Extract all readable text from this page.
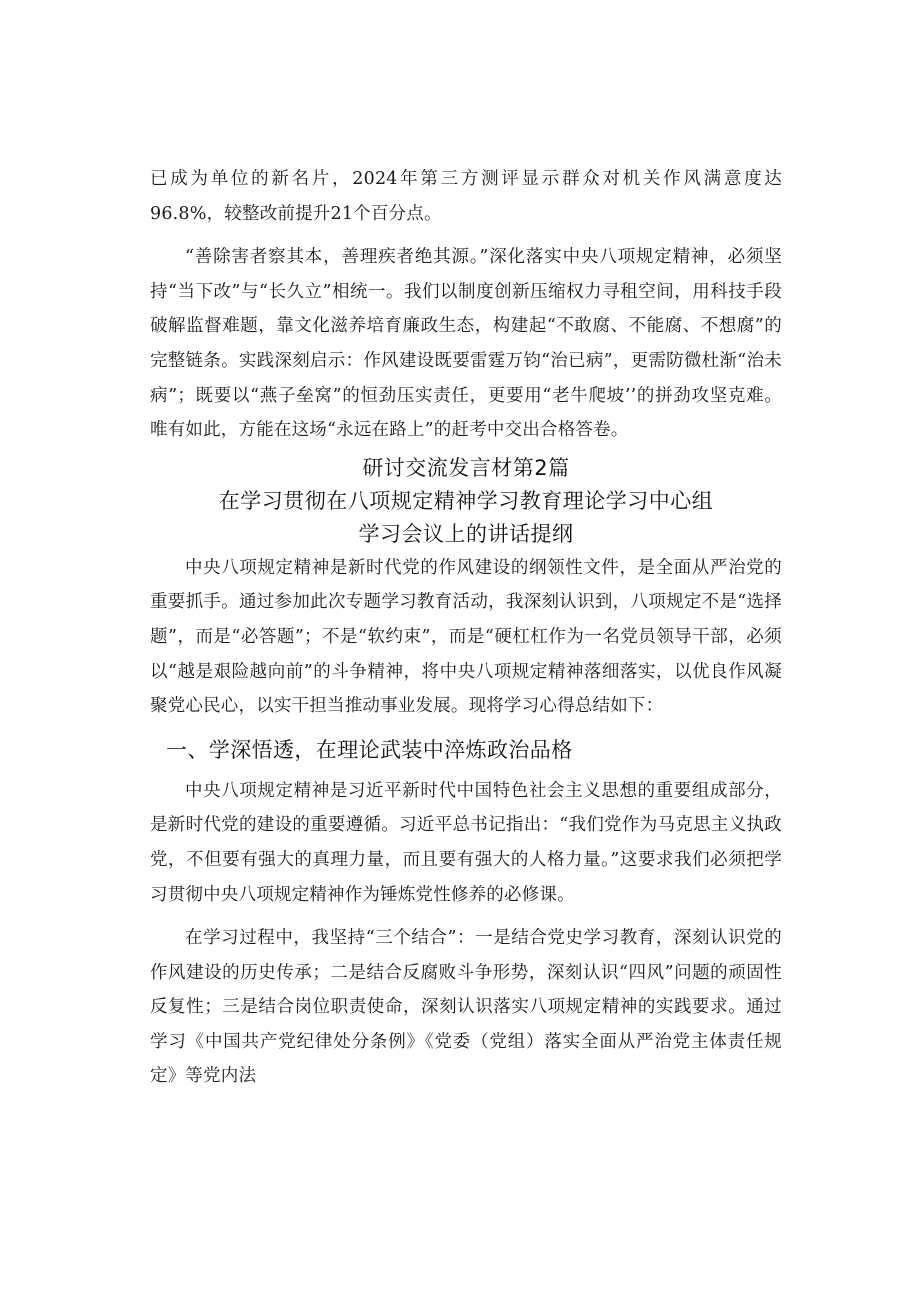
已成为单位的新名片，2024年第三方测评显示群众对机关作风满意度达96.8%，较整改前提升21个百分点。

“善除害者察其本，善理疾者绝其源。”深化落实中央八项规定精神，必须坚持“当下改”与“长久立”相统一。我们以制度创新压缩权力寻租空间，用科技手段破解监督难题，靠文化滋养培育廉政生态，构建起“不敢腐、不能腐、不想腐”的完整链条。实践深刻启示：作风建设既要雷霆万钧“治已病”，更需防微杜渐“治未病”；既要以“燕子垒窝”的恒劲压实责任，更要用“老牛爬坡’’的拼劲攻坚克难。唯有如此，方能在这场“永远在路上”的赶考中交出合格答卷。

研讨交流发言材第2篇
在学习贯彻在八项规定精神学习教育理论学习中心组
学习会议上的讲话提纲

中央八项规定精神是新时代党的作风建设的纲领性文件，是全面从严治党的重要抓手。通过参加此次专题学习教育活动，我深刻认识到，八项规定不是“选择题”，而是“必答题”；不是“软约束”，而是“硬杠杠作为一名党员领导干部，必须以“越是艰险越向前”的斗争精神，将中央八项规定精神落细落实，以优良作风凝聚党心民心，以实干担当推动事业发展。现将学习心得总结如下：

一、学深悟透，在理论武装中淬炼政治品格

中央八项规定精神是习近平新时代中国特色社会主义思想的重要组成部分，是新时代党的建设的重要遵循。习近平总书记指出：“我们党作为马克思主义执政党，不但要有强大的真理力量，而且要有强大的人格力量。”这要求我们必须把学习贯彻中央八项规定精神作为锤炼党性修养的必修课。

在学习过程中，我坚持“三个结合”：一是结合党史学习教育，深刻认识党的作风建设的历史传承；二是结合反腐败斗争形势，深刻认识“四风”问题的顽固性反复性；三是结合岗位职责使命，深刻认识落实八项规定精神的实践要求。通过学习《中国共产党纪律处分条例》《党委（党组）落实全面从严治党主体责任规定》等党内法
